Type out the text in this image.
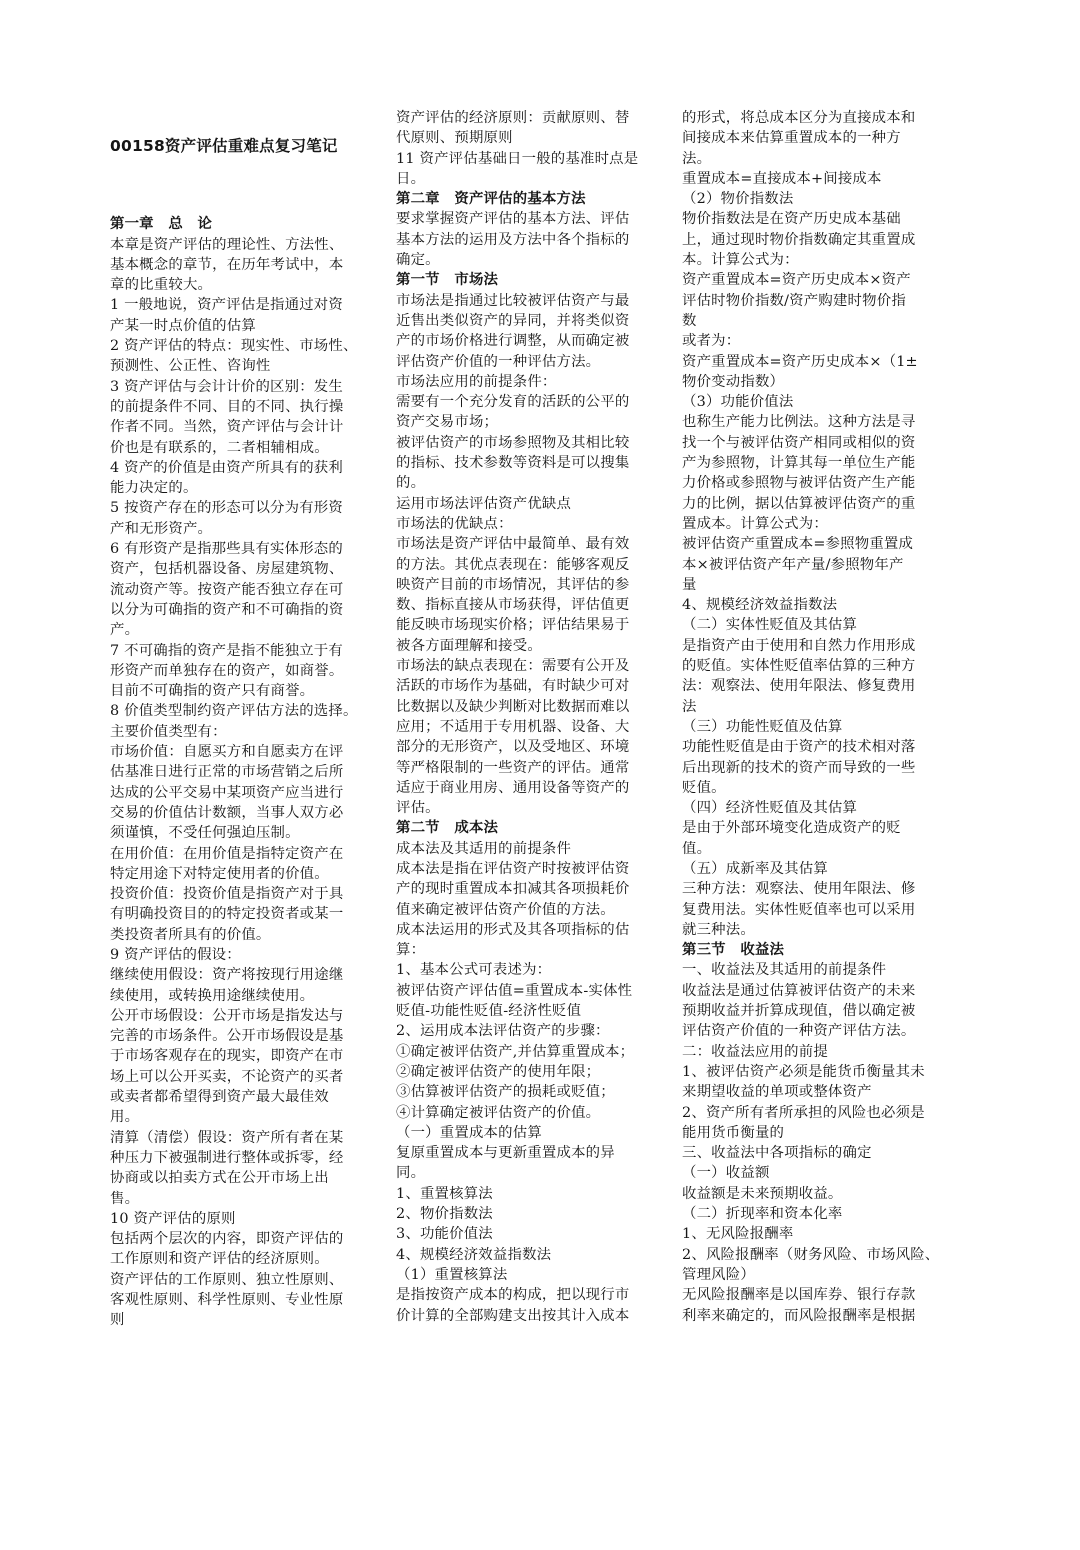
00158资产评估重难点复习笔记
第一章　总　论
本章是资产评估的理论性、方法性、
基本概念的章节，在历年考试中，本
章的比重较大。
1 一般地说，资产评估是指通过对资
产某一时点价值的估算
2 资产评估的特点：现实性、市场性、
预测性、公正性、咨询性
3 资产评估与会计计价的区别：发生
的前提条件不同、目的不同、执行操
作者不同。当然，资产评估与会计计
价也是有联系的，二者相辅相成。
4 资产的价值是由资产所具有的获利
能力决定的。
5 按资产存在的形态可以分为有形资
产和无形资产。
6 有形资产是指那些具有实体形态的
资产，包括机器设备、房屋建筑物、
流动资产等。按资产能否独立存在可
以分为可确指的资产和不可确指的资
产。
7 不可确指的资产是指不能独立于有
形资产而单独存在的资产，如商誉。
目前不可确指的资产只有商誉。
8 价值类型制约资产评估方法的选择。
主要价值类型有：
市场价值：自愿买方和自愿卖方在评
估基准日进行正常的市场营销之后所
达成的公平交易中某项资产应当进行
交易的价值估计数额，当事人双方必
须谨慎，不受任何强迫压制。
在用价值：在用价值是指特定资产在
特定用途下对特定使用者的价值。
投资价值：投资价值是指资产对于具
有明确投资目的的特定投资者或某一
类投资者所具有的价值。
9 资产评估的假设：
继续使用假设：资产将按现行用途继
续使用，或转换用途继续使用。
公开市场假设：公开市场是指发达与
完善的市场条件。公开市场假设是基
于市场客观存在的现实，即资产在市
场上可以公开买卖，不论资产的买者
或卖者都希望得到资产最大最佳效
用。
清算（清偿）假设：资产所有者在某
种压力下被强制进行整体或拆零，经
协商或以拍卖方式在公开市场上出
售。
10 资产评估的原则
包括两个层次的内容，即资产评估的
工作原则和资产评估的经济原则。
资产评估的工作原则、独立性原则、
客观性原则、科学性原则、专业性原
则
资产评估的经济原则：贡献原则、替
代原则、预期原则
11 资产评估基础日一般的基准时点是
日。
第二章　资产评估的基本方法
要求掌握资产评估的基本方法、评估
基本方法的运用及方法中各个指标的
确定。
第一节　市场法
市场法是指通过比较被评估资产与最
近售出类似资产的异同，并将类似资
产的市场价格进行调整，从而确定被
评估资产价值的一种评估方法。
市场法应用的前提条件：
需要有一个充分发育的活跃的公平的
资产交易市场；
被评估资产的市场参照物及其相比较
的指标、技术参数等资料是可以搜集
的。
运用市场法评估资产优缺点
市场法的优缺点：
市场法是资产评估中最简单、最有效
的方法。其优点表现在：能够客观反
映资产目前的市场情况，其评估的参
数、指标直接从市场获得，评估值更
能反映市场现实价格；评估结果易于
被各方面理解和接受。
市场法的缺点表现在：需要有公开及
活跃的市场作为基础，有时缺少可对
比数据以及缺少判断对比数据而难以
应用；不适用于专用机器、设备、大
部分的无形资产，以及受地区、环境
等严格限制的一些资产的评估。通常
适应于商业用房、通用设备等资产的
评估。
第二节　成本法
成本法及其适用的前提条件
成本法是指在评估资产时按被评估资
产的现时重置成本扣减其各项损耗价
值来确定被评估资产价值的方法。
成本法运用的形式及其各项指标的估
算：
1、基本公式可表述为：
被评估资产评估值=重置成本-实体性
贬值-功能性贬值-经济性贬值
2、运用成本法评估资产的步骤：
①确定被评估资产,并估算重置成本；
②确定被评估资产的使用年限；
③估算被评估资产的损耗或贬值；
④计算确定被评估资产的价值。
（一）重置成本的估算
复原重置成本与更新重置成本的异
同。
1、重置核算法
2、物价指数法
3、功能价值法
4、规模经济效益指数法
（1）重置核算法
是指按资产成本的构成，把以现行市
价计算的全部购建支出按其计入成本
的形式，将总成本区分为直接成本和
间接成本来估算重置成本的一种方
法。
重置成本=直接成本+间接成本
（2）物价指数法
物价指数法是在资产历史成本基础
上，通过现时物价指数确定其重置成
本。计算公式为：
资产重置成本=资产历史成本×资产
评估时物价指数/资产购建时物价指
数
或者为：
资产重置成本=资产历史成本×（1±
物价变动指数）
（3）功能价值法
也称生产能力比例法。这种方法是寻
找一个与被评估资产相同或相似的资
产为参照物，计算其每一单位生产能
力价格或参照物与被评估资产生产能
力的比例，据以估算被评估资产的重
置成本。计算公式为：
被评估资产重置成本=参照物重置成
本×被评估资产年产量/参照物年产
量
4、规模经济效益指数法
（二）实体性贬值及其估算
是指资产由于使用和自然力作用形成
的贬值。实体性贬值率估算的三种方
法：观察法、使用年限法、修复费用
法
（三）功能性贬值及估算
功能性贬值是由于资产的技术相对落
后出现新的技术的资产而导致的一些
贬值。
（四）经济性贬值及其估算
是由于外部环境变化造成资产的贬
值。
（五）成新率及其估算
三种方法：观察法、使用年限法、修
复费用法。实体性贬值率也可以采用
就三种法。
第三节　收益法
一、收益法及其适用的前提条件
收益法是通过估算被评估资产的未来
预期收益并折算成现值，借以确定被
评估资产价值的一种资产评估方法。
二：收益法应用的前提
1、被评估资产必须是能货币衡量其未
来期望收益的单项或整体资产
2、资产所有者所承担的风险也必须是
能用货币衡量的
三、收益法中各项指标的确定
（一）收益额
收益额是未来预期收益。
（二）折现率和资本化率
1、无风险报酬率
2、风险报酬率（财务风险、市场风险、
管理风险）
无风险报酬率是以国库券、银行存款
利率来确定的，而风险报酬率是根据
